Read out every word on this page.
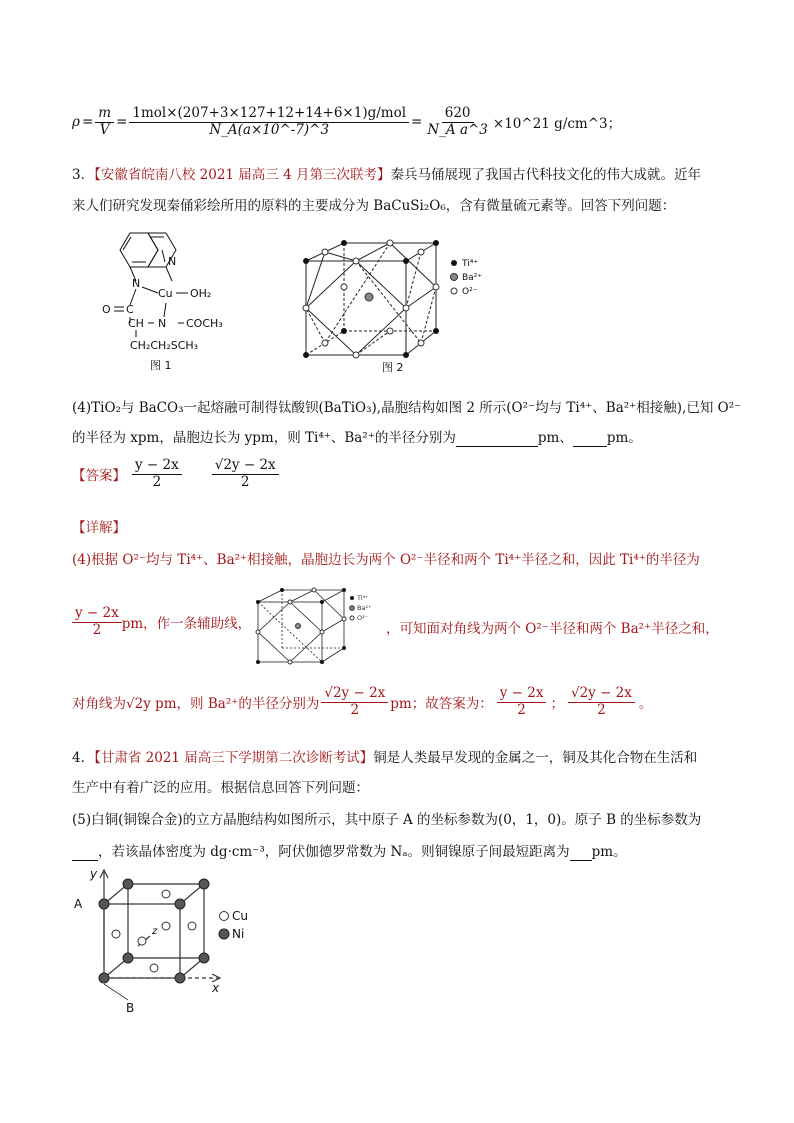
$\rho = \frac{m}{V} = \frac{\text{1mol×(207+3×127+12+14+6×1)g/mol}}{N\_A(a\times 10\^{}-7)\^{}3} = \frac{620}{\text{N\_A a\textasciicircum{}3}}$ ×10^21 g/cm^3；
3．【安徽省皖南八校 2021 届高三 4 月第三次联考】秦兵马俑展现了我国古代科技文化的伟大成就。近年
来人们研究发现秦俑彩绘所用的原料的主要成分为 BaCuSi₂O₆，含有微量硫元素等。回答下列问题：
N
N
Cu OH₂
O C
CH N COCH₃
CH₂CH₂SCH₃
图 1
Ti⁴⁺
Ba²⁺
O²⁻
图 2
(4)TiO₂与 BaCO₃一起熔融可制得钛酸钡(BaTiO₃),晶胞结构如图 2 所示(O²⁻均与 Ti⁴⁺、Ba²⁺相接触),已知 O²⁻
的半径为 xpm，晶胞边长为 ypm，则 Ti⁴⁺、Ba²⁺的半径分别为	pm、	pm。
【答案】 $\frac{y - 2x}{2} \frac{√2y - 2x}{2}$
【详解】
(4)根据 O²⁻均与 Ti⁴⁺、Ba²⁺相接触，晶胞边长为两个 O²⁻半径和两个 Ti⁴⁺半径之和，因此 Ti⁴⁺的半径为
$\frac{y - 2x}{2}$ pm，作一条辅助线，
Ti⁴⁺
Ba²⁺
O²⁻
，可知面对角线为两个 O²⁻半径和两个 Ba²⁺半径之和，
对角线为 √2y pm，则 Ba²⁺的半径分别为 $\frac{√2y - 2x}{2}$ pm；故答案为： $\frac{y - 2x}{2}$ ； $\frac{√2y - 2x}{2}$ 。
4．【甘肃省 2021 届高三下学期第二次诊断考试】铜是人类最早发现的金属之一，铜及其化合物在生活和
生产中有着广泛的应用。根据信息回答下列问题：
(5)白铜(铜镍合金)的立方晶胞结构如图所示，其中原子 A 的坐标参数为(0，1，0)。原子 B 的坐标参数为
，若该晶体密度为 dg·cm⁻³，阿伏伽德罗常数为 Nₐ。则铜镍原子间最短距离为 pm。
y
z
x
A
B
Cu
Ni
